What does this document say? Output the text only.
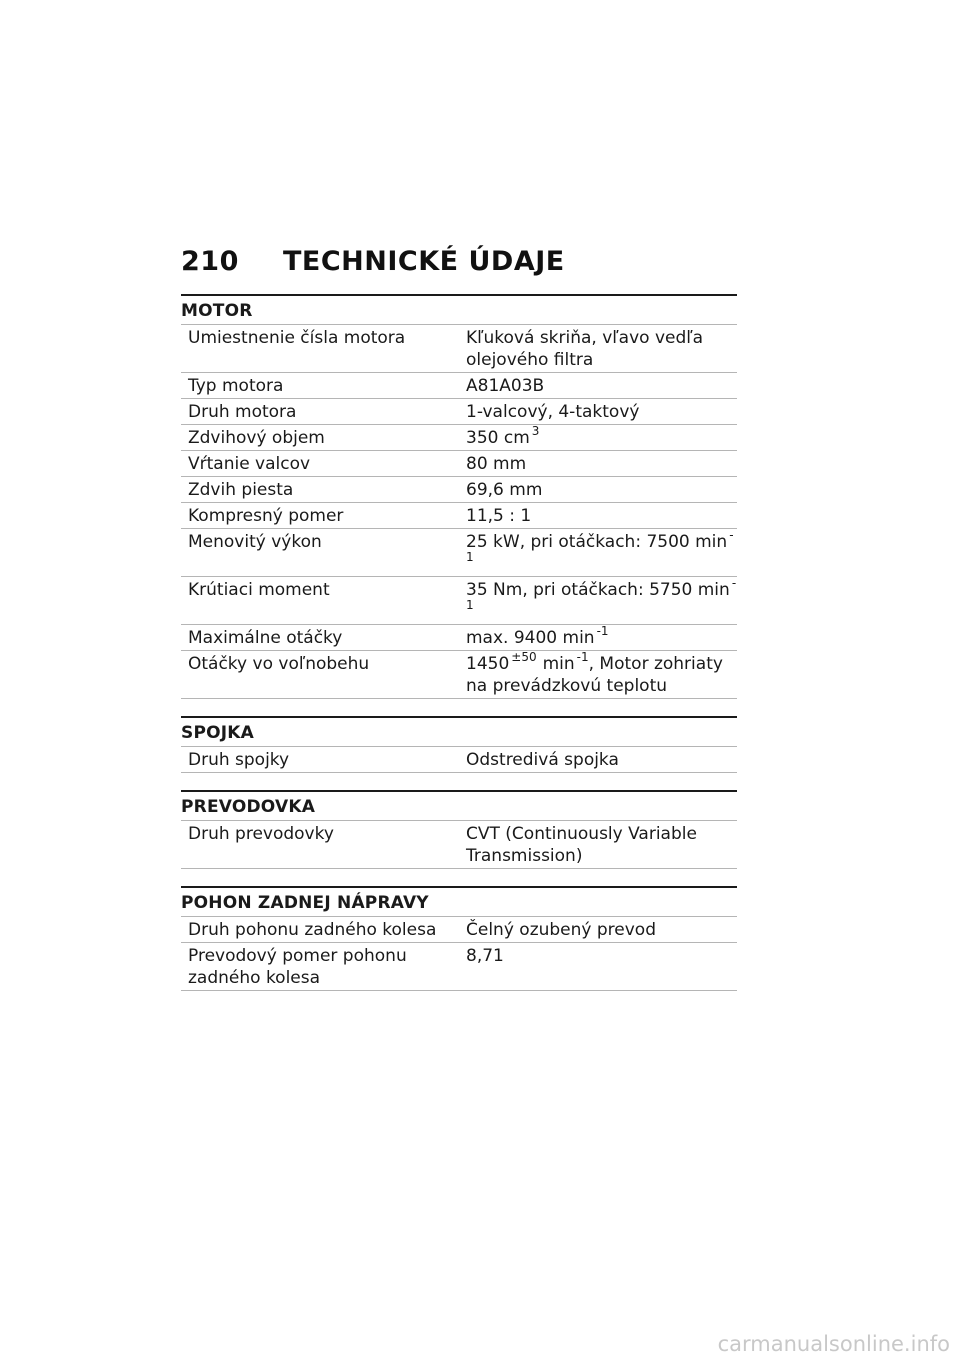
210 TECHNICKÉ ÚDAJE
MOTOR
Umiestnenie čísla motora	Kľuková skriňa, vľavo vedľa olejového filtra
Typ motora	A81A03B
Druh motora	1-valcový, 4-taktový
Zdvihový objem	350 cm $^3$
Vŕtanie valcov	80 mm
Zdvih piesta	69,6 mm
Kompresný pomer	11,5 : 1
Menovitý výkon	25 kW, pri otáčkach: 7500 min $^{-1}$
Krútiaci moment	35 Nm, pri otáčkach: 5750 min $^{-1}$
Maximálne otáčky	max. 9400 min $^{-1}$
Otáčky vo voľnobehu	1450 $^{\pm 50}$ min $^{-1}$, Motor zohriaty na prevádzkovú teplotu
SPOJKA
Druh spojky	Odstredivá spojka
PREVODOVKA
Druh prevodovky	CVT (Continuously Variable Transmission)
POHON ZADNEJ NÁPRAVY
Druh pohonu zadného kolesa	Čelný ozubený prevod
Prevodový pomer pohonu zadného kolesa	8,71
carmanualsonline.info
